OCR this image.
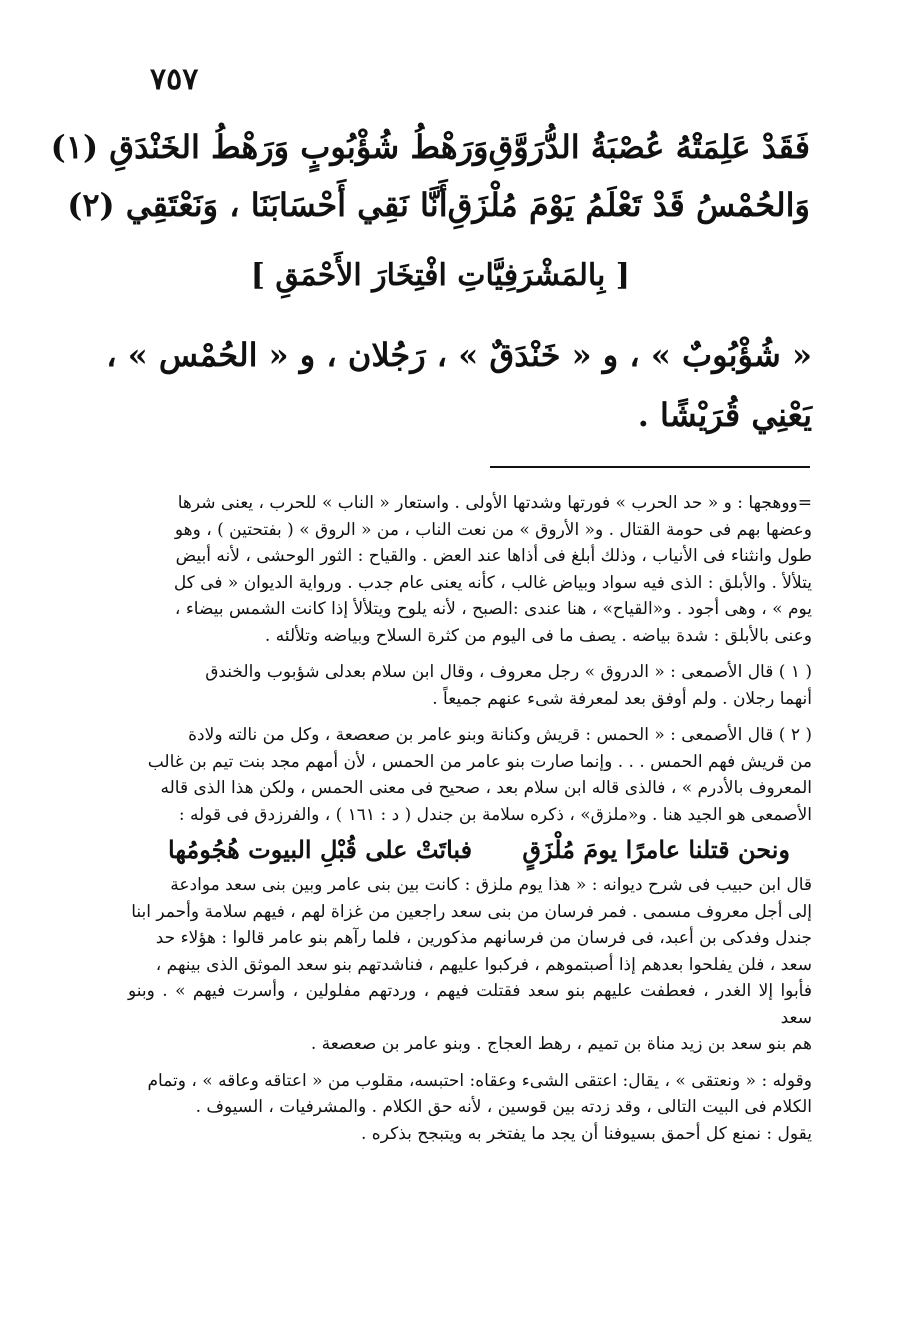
٧٥٧
فَقَدْ عَلِمَتْهُ عُصْبَةُ الدُّرَوَّقِ
وَرَهْطُ شُؤْبُوبٍ وَرَهْطُ الخَنْدَقِ (١)
وَالحُمْسُ قَدْ تَعْلَمُ يَوْمَ مُلْزَقِ
أَنَّا نَقِي أَحْسَابَنَا ، وَنَعْتَقِي (٢)
[ بِالمَشْرَفِيَّاتِ افْتِخَارَ الأَحْمَقِ ]
« شُؤْبُوبٌ » ، و « خَنْدَقٌ » ، رَجُلان ، و « الحُمْس » ،
يَعْنِي قُرَيْشًا .

=ووهجها : و « حد الحرب » فورتها وشدتها الأولى . واستعار « الناب » للحرب ، يعنى شرها
وعضها بهم فى حومة القتال . و« الأروق » من نعت الناب ، من « الروق » ( بفتحتين ) ، وهو
طول وانثناء فى الأنياب ، وذلك أبلغ فى أذاها عند العض . والقياح : الثور الوحشى ، لأنه أبيض
يتلألأ . والأبلق : الذى فيه سواد وبياض غالب ، كأنه يعنى عام جدب . ورواية الديوان « فى كل
يوم » ، وهى أجود . و«القياح» ، هنا عندى :الصبح ، لأنه يلوح ويتلألأ إذا كانت الشمس بيضاء ،
وعنى بالأبلق : شدة بياضه . يصف ما فى اليوم من كثرة السلاح وبياضه وتلألئه .

( ١ ) قال الأصمعى : « الدروق » رجل معروف ، وقال ابن سلام بعدلى شؤبوب والخندق
أنهما رجلان . ولم أوفق بعد لمعرفة شىء عنهم جميعاً .

( ٢ ) قال الأصمعى : « الحمس : قريش وكنانة وبنو عامر بن صعصعة ، وكل من نالته ولادة
من قريش فهم الحمس . . . وإنما صارت بنو عامر من الحمس ، لأن أمهم مجد بنت تيم بن غالب
المعروف بالأدرم » ، فالذى قاله ابن سلام بعد ، صحيح فى معنى الحمس ، ولكن هذا الذى قاله
الأصمعى هو الجيد هنا . و«ملزق» ، ذكره سلامة بن جندل ( د : ١٦١ ) ، والفرزدق فى قوله :

ونحن قتلنا عامرًا يومَ مُلْزَقٍ
فباتَتْ على قُبْلِ البيوت هُجُومُها

قال ابن حبيب فى شرح ديوانه : « هذا يوم ملزق : كانت بين بنى عامر وبين بنى سعد موادعة
إلى أجل معروف مسمى . فمر فرسان من بنى سعد راجعين من غزاة لهم ، فيهم سلامة وأحمر ابنا
جندل وفدكى بن أعبد، فى فرسان من فرسانهم مذكورين ، فلما رآهم بنو عامر قالوا : هؤلاء حد
سعد ، فلن يفلحوا بعدهم إذا أصبتموهم ، فركبوا عليهم ، فناشدتهم بنو سعد الموثق الذى بينهم ،
فأبوا إلا الغدر ، فعطفت عليهم بنو سعد فقتلت فيهم ، وردتهم مفلولين ، وأسرت فيهم » . وبنو سعد
هم بنو سعد بن زيد مناة بن تميم ، رهط العجاج . وبنو عامر بن صعصعة .

وقوله : « ونعتقى » ، يقال: اعتقى الشىء وعقاه: احتبسه، مقلوب من « اعتاقه وعاقه » ، وتمام
الكلام فى البيت التالى ، وقد زدته بين قوسين ، لأنه حق الكلام . والمشرفيات ، السيوف .
يقول : نمنع كل أحمق بسيوفنا أن يجد ما يفتخر به ويتبجح بذكره .
